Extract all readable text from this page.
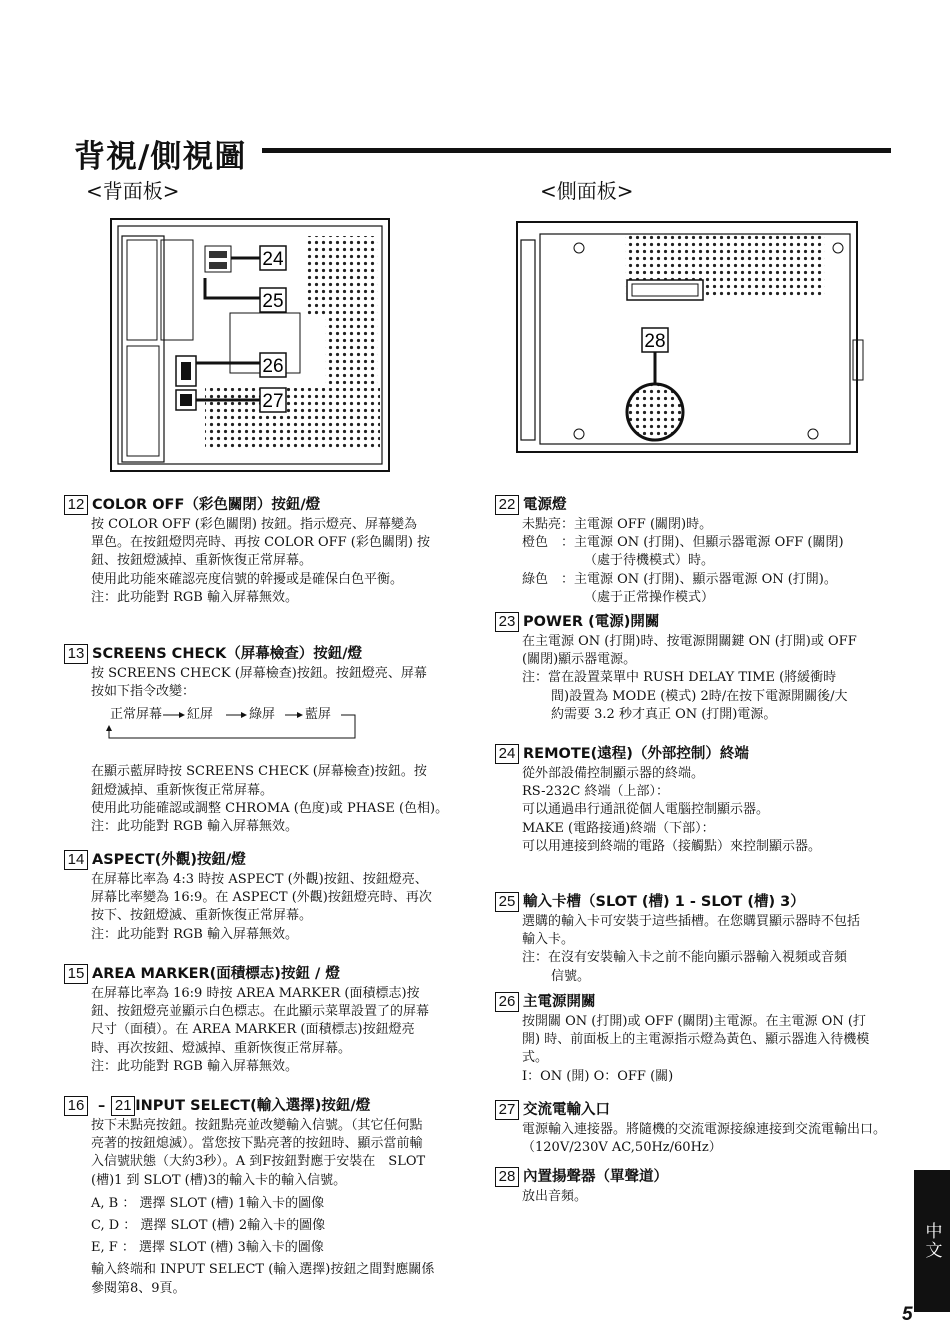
背視/側視圖
<背面板>	<側面板>
24
25
26
27
28
12 COLOR OFF（彩色關閉）按鈕/燈

按 COLOR OFF (彩色關閉) 按鈕。指示燈亮、屏幕變為

單色。在按鈕燈閃亮時、再按 COLOR OFF (彩色關閉) 按

鈕、按鈕燈滅掉、重新恢復正常屏幕。

使用此功能來確認亮度信號的幹擾或是確保白色平衡。

注：此功能對 RGB 輸入屏幕無效。

13 SCREENS CHECK（屏幕檢查）按鈕/燈

按 SCREENS CHECK (屏幕檢查)按鈕。按鈕燈亮、屏幕

按如下指令改變：

正常屏幕 紅屏	綠屏 藍屏

在顯示藍屏時按 SCREENS CHECK (屏幕檢查)按鈕。按

鈕燈滅掉、重新恢復正常屏幕。

使用此功能確認或調整 CHROMA (色度)或 PHASE (色相)。

注：此功能對 RGB 輸入屏幕無效。

14 ASPECT(外觀)按鈕/燈

在屏幕比率為 4:3 時按 ASPECT (外觀)按鈕、按鈕燈亮、

屏幕比率變為 16:9。在 ASPECT (外觀)按鈕燈亮時、再次

按下、按鈕燈滅、重新恢復正常屏幕。

注：此功能對 RGB 輸入屏幕無效。

15 AREA MARKER(面積標志)按鈕 / 燈

在屏幕比率為 16:9 時按 AREA MARKER (面積標志)按

鈕、按鈕燈亮並顯示白色標志。在此顯示菜單設置了的屏幕

尺寸（面積）。在 AREA MARKER (面積標志)按鈕燈亮

時、再次按鈕、燈滅掉、重新恢復正常屏幕。

注：此功能對 RGB 輸入屏幕無效。

16 – 21 INPUT SELECT(輸入選擇)按鈕/燈

按下未點亮按鈕。按鈕點亮並改變輸入信號。（其它任何點

亮著的按鈕熄滅）。當您按下點亮著的按鈕時、顯示當前輸

入信號狀態（大約3秒）。A 到F按鈕對應于安裝在　SLOT

(槽)1 到 SLOT (槽)3的輸入卡的輸入信號。

A, B ： 選擇 SLOT (槽) 1輸入卡的圖像

C, D ： 選擇 SLOT (槽) 2輸入卡的圖像

E, F ： 選擇 SLOT (槽) 3輸入卡的圖像

輸入終端和 INPUT SELECT (輸入選擇)按鈕之間對應關係

參閱第8、9頁。

22 電源燈

未點亮：主電源 OFF (關閉)時。

橙色　：主電源 ON (打開)、但顯示器電源 OFF (關閉)

（處于待機模式）時。

綠色　：主電源 ON (打開)、顯示器電源 ON (打開)。

（處于正常操作模式）

23 POWER (電源)開關

在主電源 ON (打開)時、按電源開關鍵 ON (打開)或 OFF

(關閉)顯示器電源。

注：當在設置菜單中 RUSH DELAY TIME (將緩衝時

間)設置為 MODE (模式) 2時/在按下電源開關後/大

約需要 3.2 秒才真正 ON (打開)電源。

24 REMOTE(遠程)（外部控制）終端

從外部設備控制顯示器的終端。

RS-232C 終端（上部）：

可以通過串行通訊從個人電腦控制顯示器。

MAKE (電路接通)終端（下部）：

可以用連接到終端的電路（接觸點）來控制顯示器。

25 輸入卡槽（SLOT (槽) 1 - SLOT (槽) 3）

選購的輸入卡可安裝于這些插槽。在您購買顯示器時不包括

輸入卡。

注：在沒有安裝輸入卡之前不能向顯示器輸入視頻或音頻

信號。

26 主電源開關

按開關 ON (打開)或 OFF (關閉)主電源。在主電源 ON (打

開) 時、前面板上的主電源指示燈為黃色、顯示器進入待機模

式。

I：ON (開) O：OFF (關)

27 交流電輸入口

電源輸入連接器。將隨機的交流電源接線連接到交流電輸出口。

（120V/230V AC,50Hz/60Hz）

28 內置揚聲器（單聲道）

放出音頻。

中文
5
